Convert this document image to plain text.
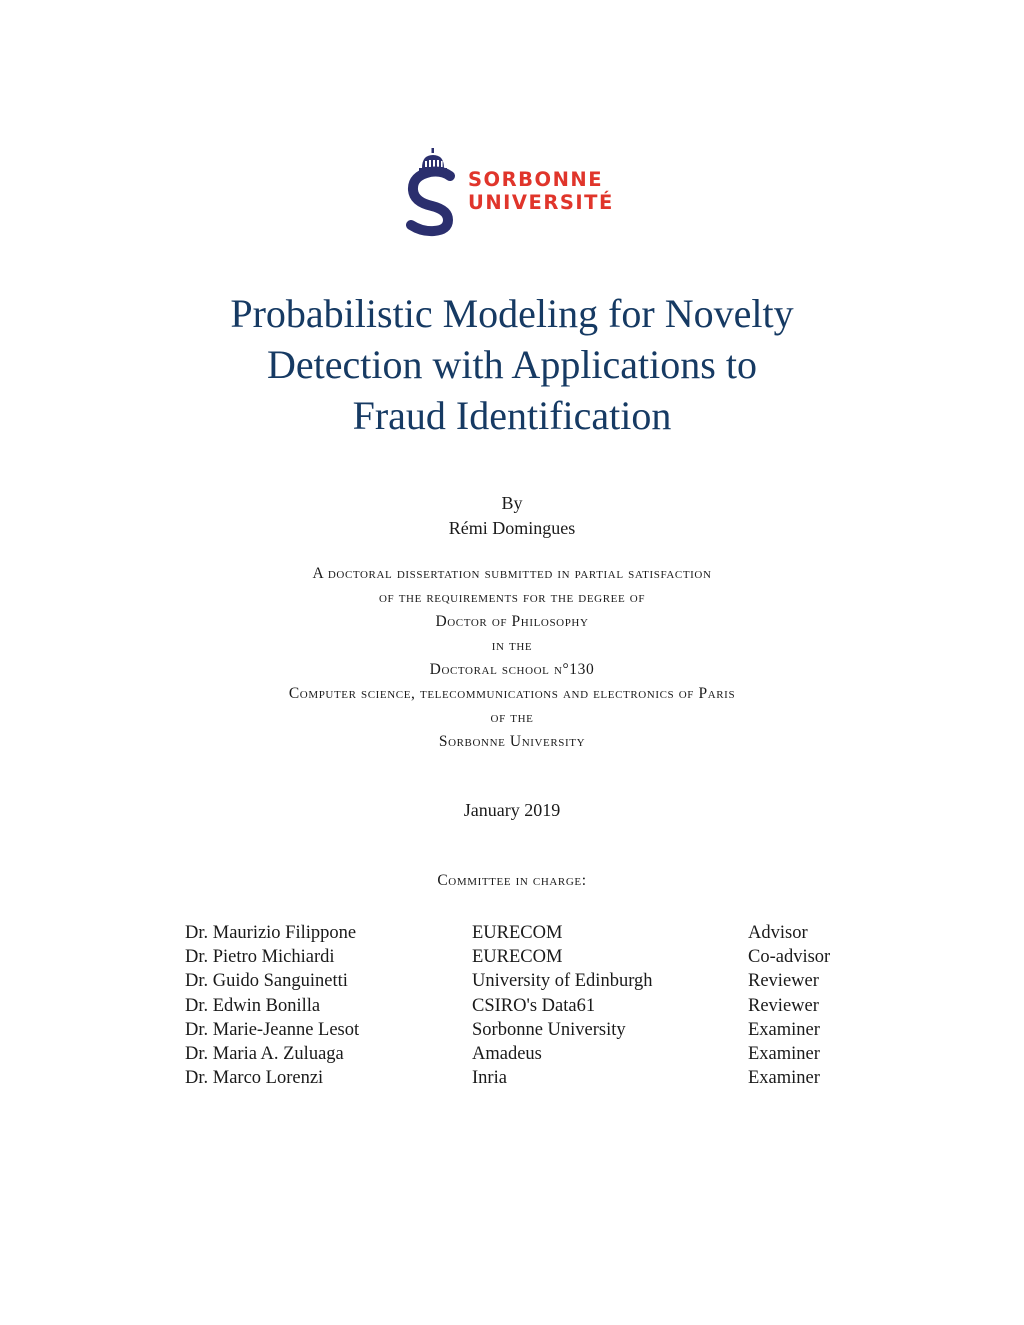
SORBONNE
UNIVERSITÉ
Probabilistic Modeling for Novelty
Detection with Applications to
Fraud Identification
By
Rémi Domingues
A doctoral dissertation submitted in partial satisfaction
of the requirements for the degree of
Doctor of Philosophy
in the
Doctoral school n°130
Computer science, telecommunications and electronics of Paris
of the
Sorbonne University
January 2019
Committee in charge:
Dr. Maurizio Filippone	EURECOM	Advisor
Dr. Pietro Michiardi	EURECOM	Co-advisor
Dr. Guido Sanguinetti	University of Edinburgh	Reviewer
Dr. Edwin Bonilla	CSIRO's Data61	Reviewer
Dr. Marie-Jeanne Lesot	Sorbonne University	Examiner
Dr. Maria A. Zuluaga	Amadeus	Examiner
Dr. Marco Lorenzi	Inria	Examiner
